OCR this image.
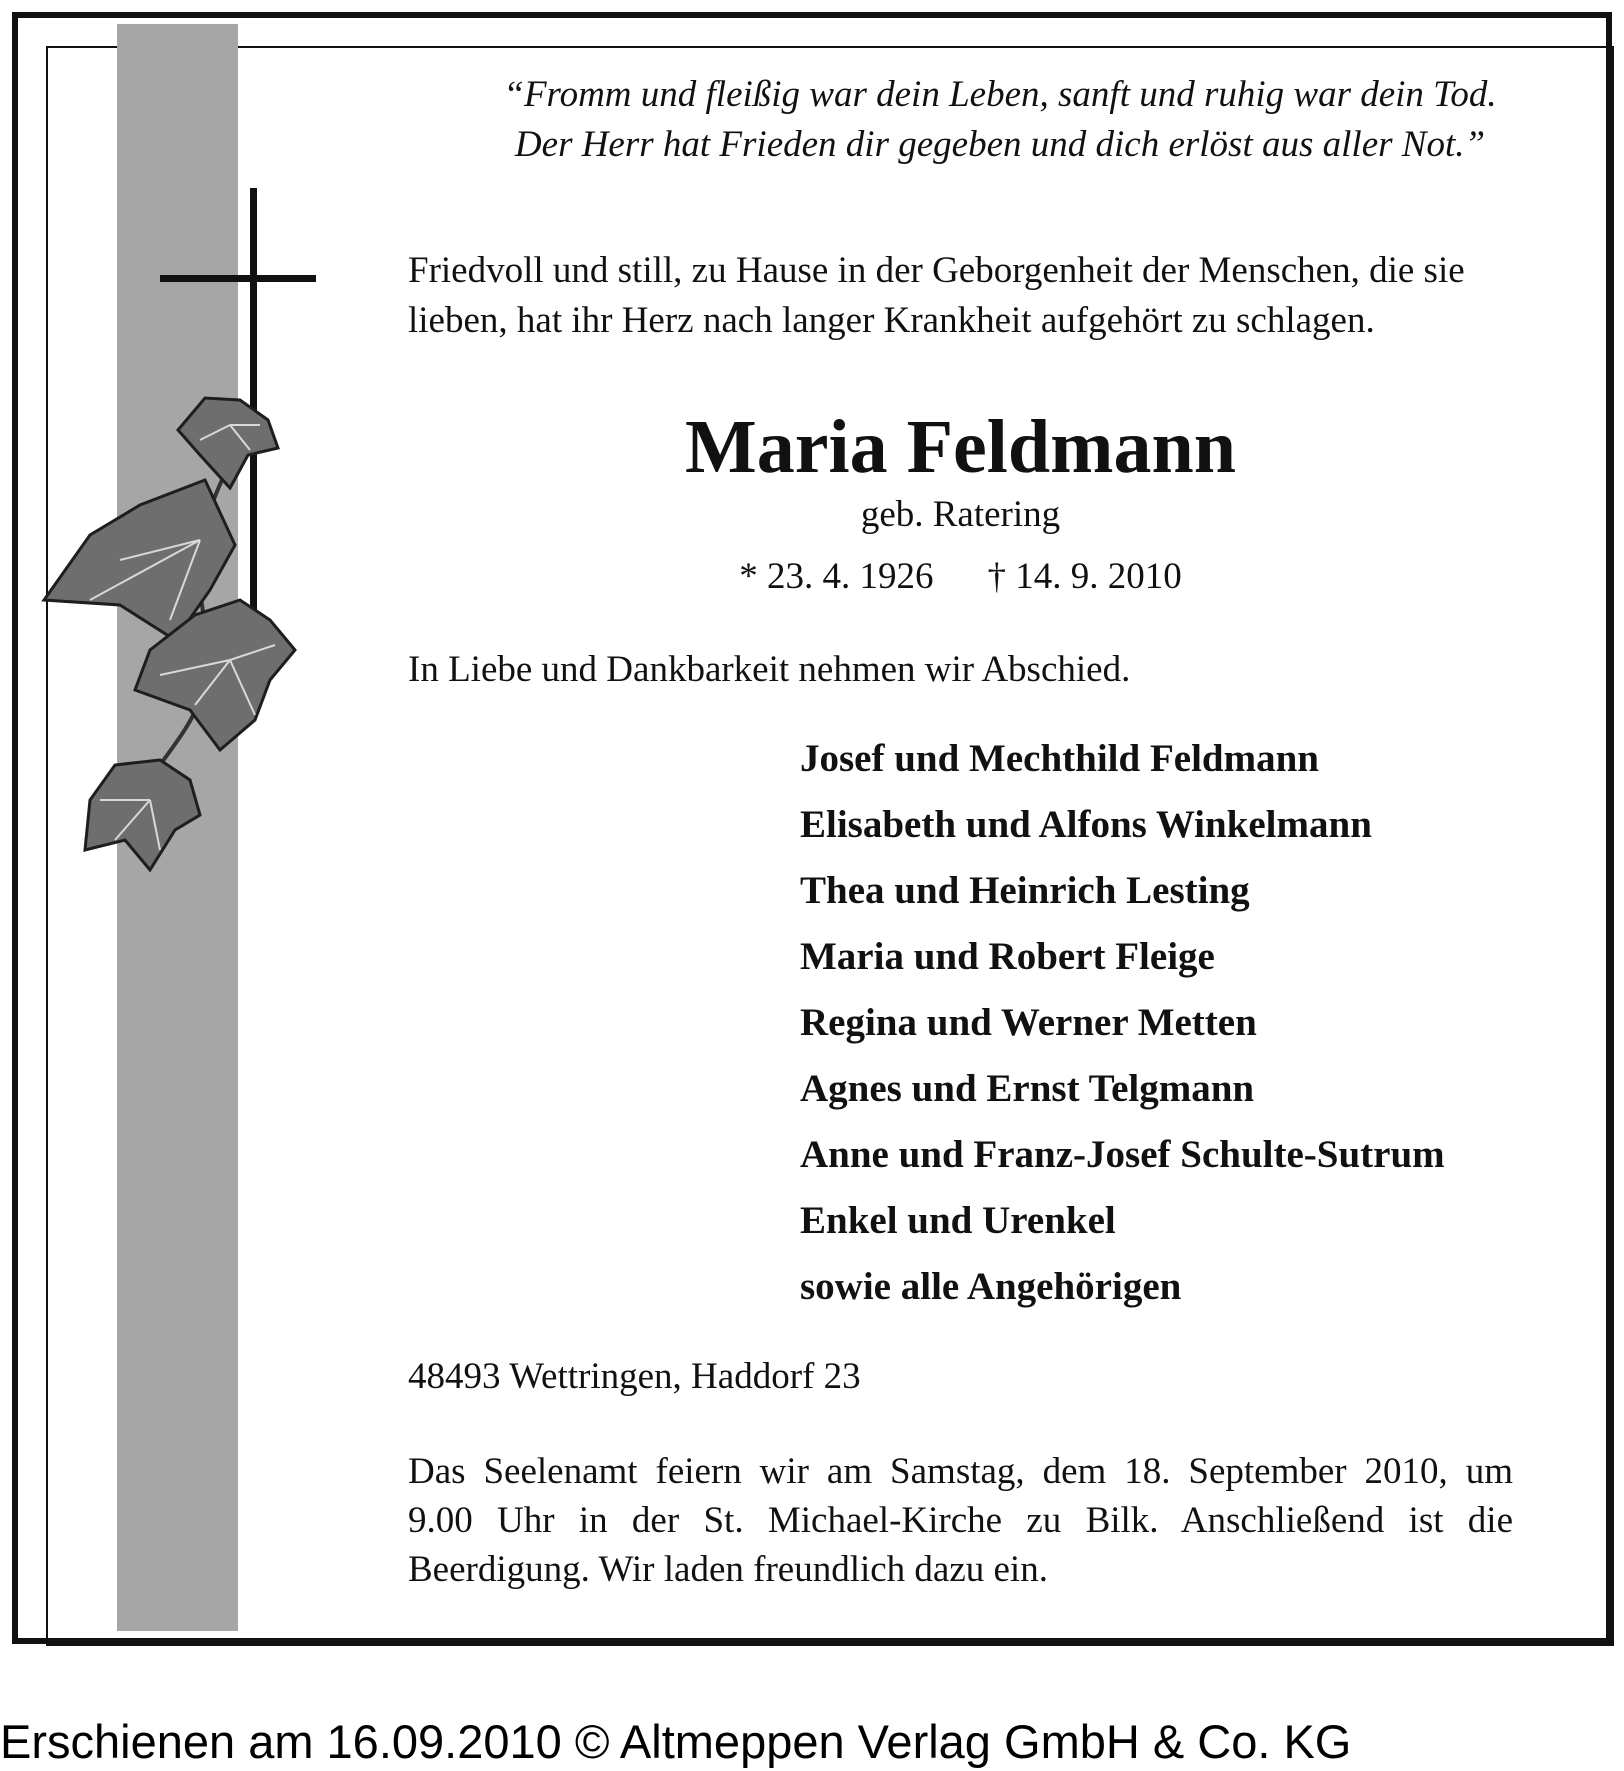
“Fromm und fleißig war dein Leben, sanft und ruhig war dein Tod.
Der Herr hat Frieden dir gegeben und dich erlöst aus aller Not.”
Friedvoll und still, zu Hause in der Geborgenheit der Menschen, die sie
lieben, hat ihr Herz nach langer Krankheit aufgehört zu schlagen.
Maria Feldmann
geb. Ratering
* 23. 4. 1926 † 14. 9. 2010
In Liebe und Dankbarkeit nehmen wir Abschied.
Josef und Mechthild Feldmann
Elisabeth und Alfons Winkelmann
Thea und Heinrich Lesting
Maria und Robert Fleige
Regina und Werner Metten
Agnes und Ernst Telgmann
Anne und Franz-Josef Schulte-Sutrum
Enkel und Urenkel
sowie alle Angehörigen
48493 Wettringen, Haddorf 23
Das Seelenamt feiern wir am Samstag, dem 18. September 2010, um
9.00 Uhr in der St. Michael-Kirche zu Bilk. Anschließend ist die
Beerdigung. Wir laden freundlich dazu ein.
Erschienen am 16.09.2010 © Altmeppen Verlag GmbH & Co. KG
